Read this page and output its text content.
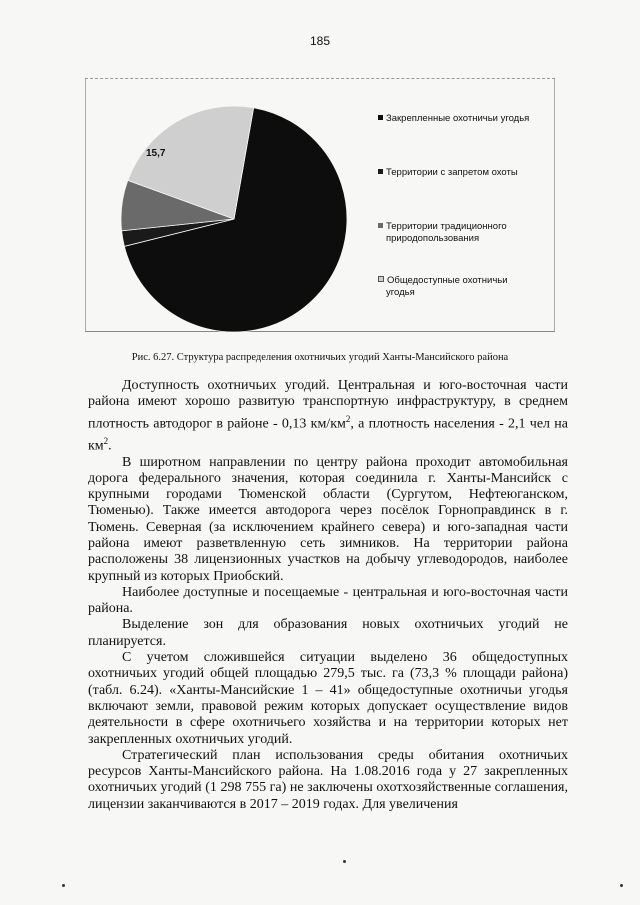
185
15,7
Закрепленные охотничьи угодья
Территории с запретом охоты
Территории традиционного
природопользования
Общедоступные охотничьи
угодья
Рис. 6.27. Структура распределения охотничьих угодий Ханты-Мансийского района

Доступность охотничьих угодий. Центральная и юго-восточная части района имеют хорошо развитую транспортную инфраструктуру, в среднем плотность автодорог в районе - 0,13 $км/км^2$, а плотность населения - 2,1 чел на $км^2$.

В широтном направлении по центру района проходит автомобильная дорога федерального значения, которая соединила г. Ханты-Мансийск с крупными городами Тюменской области (Сургутом, Нефтеюганском, Тюменью). Также имеется автодорога через посёлок Горноправдинск в г. Тюмень. Северная (за исключением крайнего севера) и юго-западная части района имеют разветвленную сеть зимников. На территории района расположены 38 лицензионных участков на добычу углеводородов, наиболее крупный из которых Приобский.

Наиболее доступные и посещаемые - центральная и юго-восточная части района.

Выделение зон для образования новых охотничьих угодий не планируется.

С учетом сложившейся ситуации выделено 36 общедоступных охотничьих угодий общей площадью 279,5 тыс. га (73,3 % площади района) (табл. 6.24). «Ханты-Мансийские 1 – 41» общедоступные охотничьи угодья включают земли, правовой режим которых допускает осуществление видов деятельности в сфере охотничьего хозяйства и на территории которых нет закрепленных охотничьих угодий.

Стратегический план использования среды обитания охотничьих ресурсов Ханты-Мансийского района. На 1.08.2016 года у 27 закрепленных охотничьих угодий (1 298 755 га) не заключены охотхозяйственные соглашения, лицензии заканчиваются в 2017 – 2019 годах. Для увеличения
